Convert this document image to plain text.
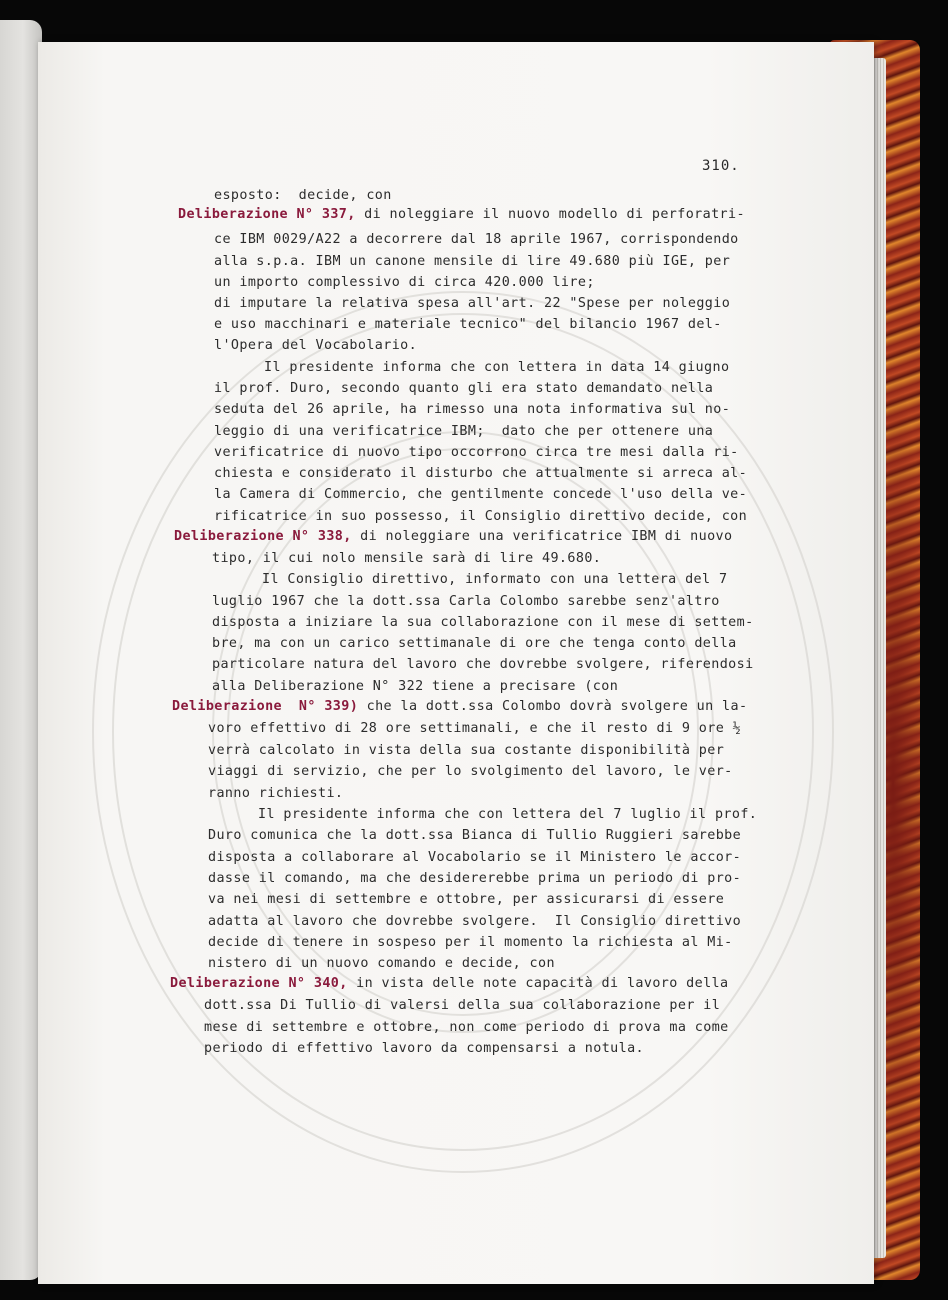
310.
esposto:  decide, con
Deliberazione N° 337, di noleggiare il nuovo modello di perforatri-
ce IBM 0029/A22 a decorrere dal 18 aprile 1967, corrispondendo
alla s.p.a. IBM un canone mensile di lire 49.680 più IGE, per
un importo complessivo di circa 420.000 lire;
di imputare la relativa spesa all'art. 22 "Spese per noleggio
e uso macchinari e materiale tecnico" del bilancio 1967 del-
l'Opera del Vocabolario.
Il presidente informa che con lettera in data 14 giugno
il prof. Duro, secondo quanto gli era stato demandato nella
seduta del 26 aprile, ha rimesso una nota informativa sul no-
leggio di una verificatrice IBM;  dato che per ottenere una
verificatrice di nuovo tipo occorrono circa tre mesi dalla ri-
chiesta e considerato il disturbo che attualmente si arreca al-
la Camera di Commercio, che gentilmente concede l'uso della ve-
rificatrice in suo possesso, il Consiglio direttivo decide, con
Deliberazione N° 338, di noleggiare una verificatrice IBM di nuovo
tipo, il cui nolo mensile sarà di lire 49.680.
Il Consiglio direttivo, informato con una lettera del 7
luglio 1967 che la dott.ssa Carla Colombo sarebbe senz'altro
disposta a iniziare la sua collaborazione con il mese di settem-
bre, ma con un carico settimanale di ore che tenga conto della
particolare natura del lavoro che dovrebbe svolgere, riferendosi
alla Deliberazione N° 322 tiene a precisare (con
Deliberazione  N° 339) che la dott.ssa Colombo dovrà svolgere un la-
voro effettivo di 28 ore settimanali, e che il resto di 9 ore ½
verrà calcolato in vista della sua costante disponibilità per
viaggi di servizio, che per lo svolgimento del lavoro, le ver-
ranno richiesti.
Il presidente informa che con lettera del 7 luglio il prof.
Duro comunica che la dott.ssa Bianca di Tullio Ruggieri sarebbe
disposta a collaborare al Vocabolario se il Ministero le accor-
dasse il comando, ma che desidererebbe prima un periodo di pro-
va nei mesi di settembre e ottobre, per assicurarsi di essere
adatta al lavoro che dovrebbe svolgere.  Il Consiglio direttivo
decide di tenere in sospeso per il momento la richiesta al Mi-
nistero di un nuovo comando e decide, con
Deliberazione N° 340, in vista delle note capacità di lavoro della
dott.ssa Di Tullio di valersi della sua collaborazione per il
mese di settembre e ottobre, non come periodo di prova ma come
periodo di effettivo lavoro da compensarsi a notula.
